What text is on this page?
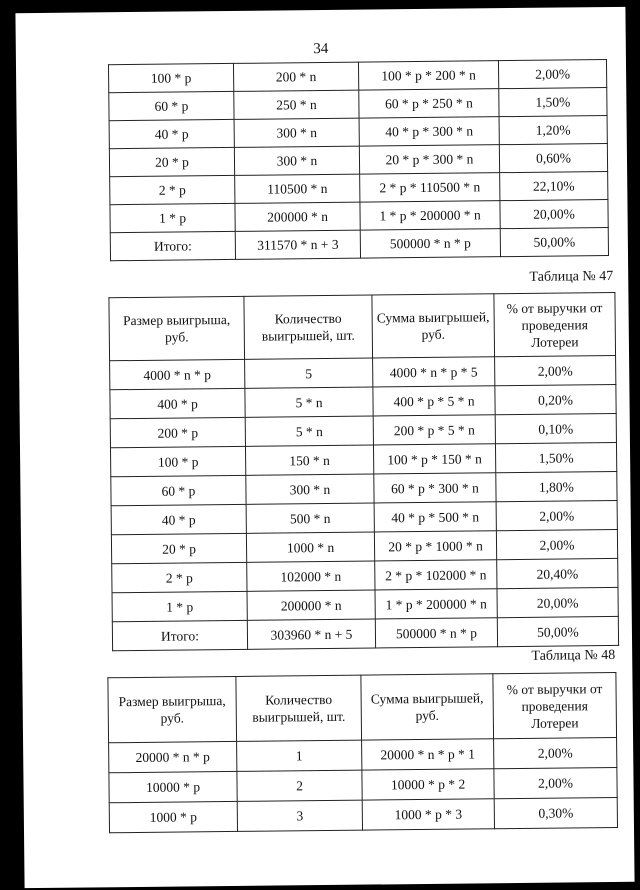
34
100 * р	200 * n	100 * р * 200 * n	2,00%
60 * р	250 * n	60 * р * 250 * n	1,50%
40 * р	300 * n	40 * р * 300 * n	1,20%
20 * р	300 * n	20 * р * 300 * n	0,60%
2 * р	110500 * n	2 * р * 110500 * n	22,10%
1 * р	200000 * n	1 * р * 200000 * n	20,00%
Итого:	311570 * n + 3	500000 * n * р	50,00%
Таблица № 47
Размер выигрыша, руб.	Количество выигрышей, шт.	Сумма выигрышей, руб.	% от выручки от проведения Лотереи
4000 * n * р	5	4000 * n * р * 5	2,00%
400 * р	5 * n	400 * р * 5 * n	0,20%
200 * р	5 * n	200 * р * 5 * n	0,10%
100 * р	150 * n	100 * р * 150 * n	1,50%
60 * р	300 * n	60 * р * 300 * n	1,80%
40 * р	500 * n	40 * р * 500 * n	2,00%
20 * р	1000 * n	20 * р * 1000 * n	2,00%
2 * р	102000 * n	2 * р * 102000 * n	20,40%
1 * р	200000 * n	1 * р * 200000 * n	20,00%
Итого:	303960 * n + 5	500000 * n * р	50,00%
Таблица № 48
Размер выигрыша, руб.	Количество выигрышей, шт.	Сумма выигрышей, руб.	% от выручки от проведения Лотереи
20000 * n * р	1	20000 * n * р * 1	2,00%
10000 * р	2	10000 * р * 2	2,00%
1000 * р	3	1000 * р * 3	0,30%
